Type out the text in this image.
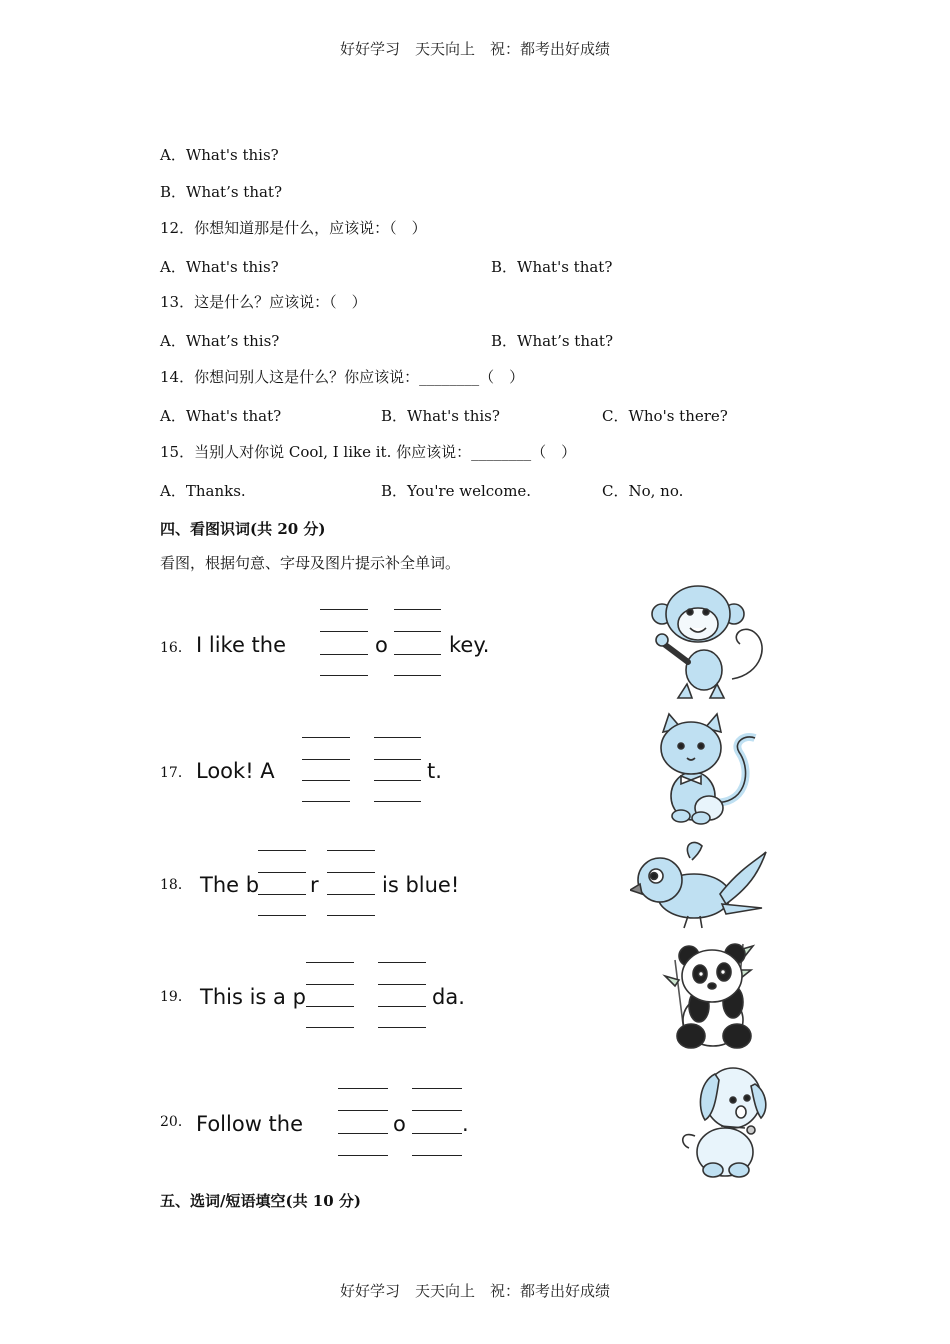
好好学习　天天向上　祝：都考出好成绩
好好学习　天天向上　祝：都考出好成绩
A．What's this?
B．What’s that?
12．你想知道那是什么，应该说：（　）
A．What's this?	B．What's that?
13．这是什么？应该说：（　）
A．What’s this?	B．What’s that?
14．你想问别人这是什么？你应该说：________（　）
A．What's that?	B．What's this?	C．Who's there?
15．当别人对你说 Cool, I like it. 你应该说：________（　）
A．Thanks.	B．You're welcome.	C．No, no.
四、看图识词(共 20 分)
看图，根据句意、字母及图片提示补全单词。
16． I like the	o	key.
17． Look! A	t.
18． The b r	is blue!
19． This is a p	da.
20． Follow the	o	.
五、选词/短语填空(共 10 分)
